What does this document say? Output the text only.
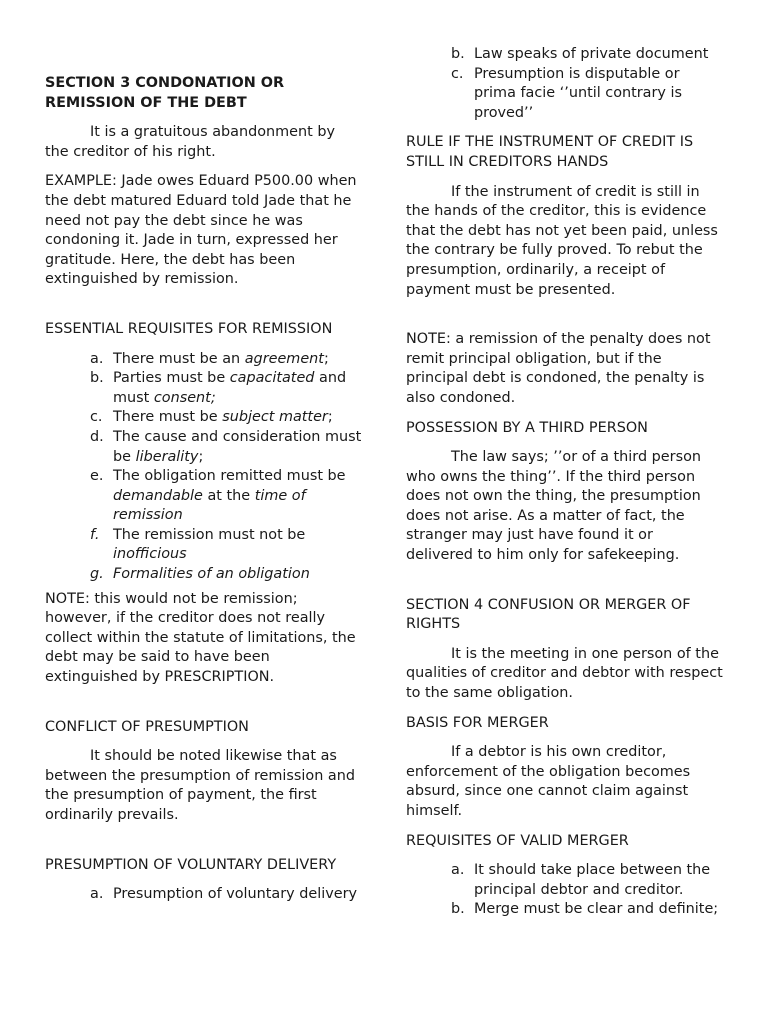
SECTION 3 CONDONATION OR REMISSION OF THE DEBT

It is a gratuitous abandonment by the creditor of his right.

EXAMPLE: Jade owes Eduard P500.00 when the debt matured Eduard told Jade that he need not pay the debt since he was condoning it. Jade in turn, expressed her gratitude. Here, the debt has been extinguished by remission.

ESSENTIAL REQUISITES FOR REMISSION
a. There must be an agreement;
b. Parties must be capacitated and must consent;
c. There must be subject matter;
d. The cause and consideration must be liberality;
e. The obligation remitted must be demandable at the time of remission
f. The remission must not be inofficious
g. Formalities of an obligation

NOTE: this would not be remission; however, if the creditor does not really collect within the statute of limitations, the debt may be said to have been extinguished by PRESCRIPTION.

CONFLICT OF PRESUMPTION

It should be noted likewise that as between the presumption of remission and the presumption of payment, the first ordinarily prevails.

PRESUMPTION OF VOLUNTARY DELIVERY
a. Presumption of voluntary delivery
b. Law speaks of private document
c. Presumption is disputable or prima facie ‘’until contrary is proved’’
RULE IF THE INSTRUMENT OF CREDIT IS STILL IN CREDITORS HANDS

If the instrument of credit is still in the hands of the creditor, this is evidence that the debt has not yet been paid, unless the contrary be fully proved. To rebut the presumption, ordinarily, a receipt of payment must be presented.

NOTE: a remission of the penalty does not remit principal obligation, but if the principal debt is condoned, the penalty is also condoned.

POSSESSION BY A THIRD PERSON

The law says; ’’or of a third person who owns the thing’’. If the third person does not own the thing, the presumption does not arise. As a matter of fact, the stranger may just have found it or delivered to him only for safekeeping.

SECTION 4 CONFUSION OR MERGER OF RIGHTS

It is the meeting in one person of the qualities of creditor and debtor with respect to the same obligation.

BASIS FOR MERGER

If a debtor is his own creditor, enforcement of the obligation becomes absurd, since one cannot claim against himself.

REQUISITES OF VALID MERGER
a. It should take place between the principal debtor and creditor.
b. Merge must be clear and definite;
